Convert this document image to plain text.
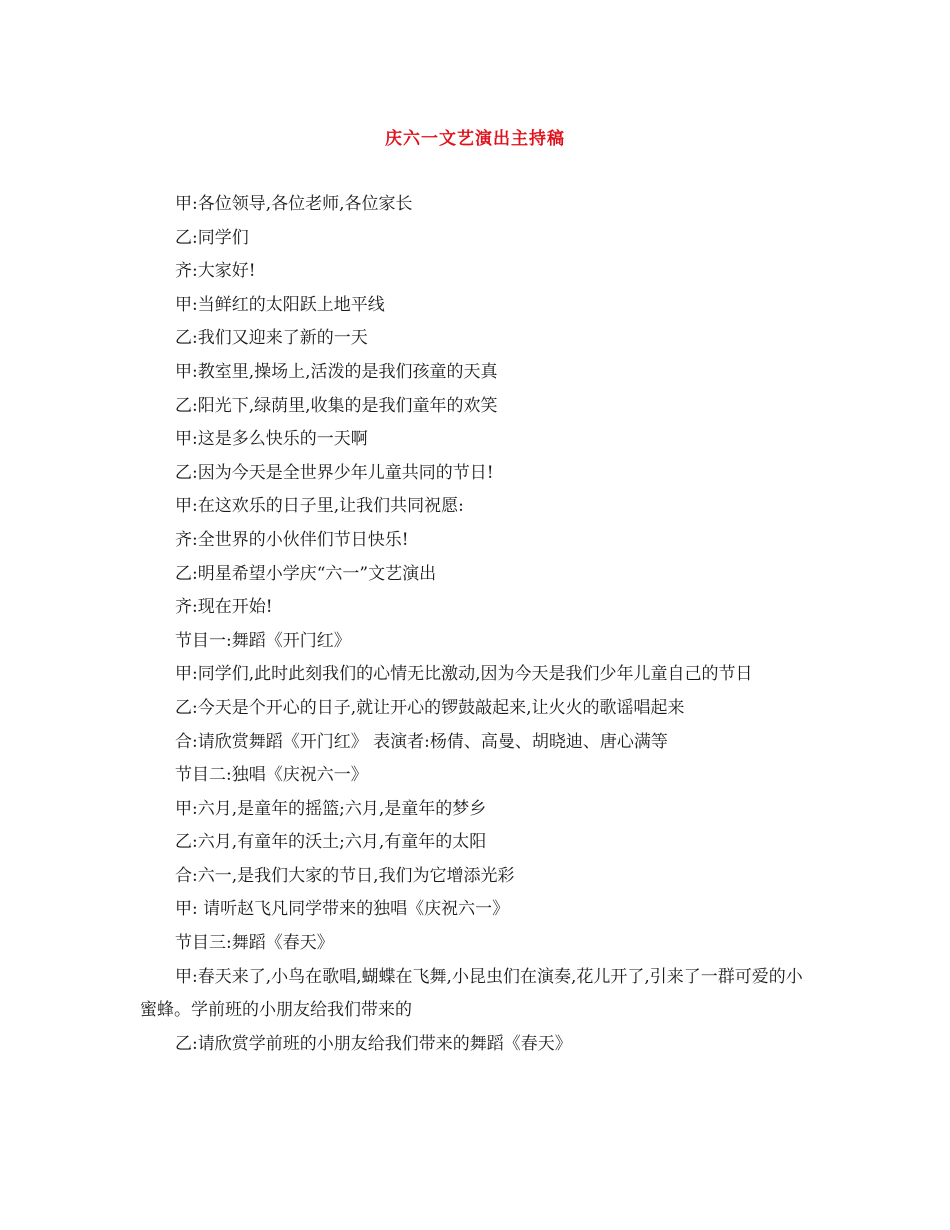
庆六一文艺演出主持稿

甲:各位领导,各位老师,各位家长

乙:同学们

齐:大家好!

甲:当鲜红的太阳跃上地平线

乙:我们又迎来了新的一天

甲:教室里,操场上,活泼的是我们孩童的天真

乙:阳光下,绿荫里,收集的是我们童年的欢笑

甲:这是多么快乐的一天啊

乙:因为今天是全世界少年儿童共同的节日!

甲:在这欢乐的日子里,让我们共同祝愿:

齐:全世界的小伙伴们节日快乐!

乙:明星希望小学庆“六一”文艺演出

齐:现在开始!

节目一:舞蹈《开门红》

甲:同学们,此时此刻我们的心情无比激动,因为今天是我们少年儿童自己的节日

乙:今天是个开心的日子,就让开心的锣鼓敲起来,让火火的歌谣唱起来

合:请欣赏舞蹈《开门红》 表演者:杨倩、高曼、胡晓迪、唐心满等

节目二:独唱《庆祝六一》

甲:六月,是童年的摇篮;六月,是童年的梦乡

乙:六月,有童年的沃土;六月,有童年的太阳

合:六一,是我们大家的节日,我们为它增添光彩

甲: 请听赵飞凡同学带来的独唱《庆祝六一》

节目三:舞蹈《春天》

甲:春天来了,小鸟在歌唱,蝴蝶在飞舞,小昆虫们在演奏,花儿开了,引来了一群可爱的小蜜蜂。学前班的小朋友给我们带来的

乙:请欣赏学前班的小朋友给我们带来的舞蹈《春天》
